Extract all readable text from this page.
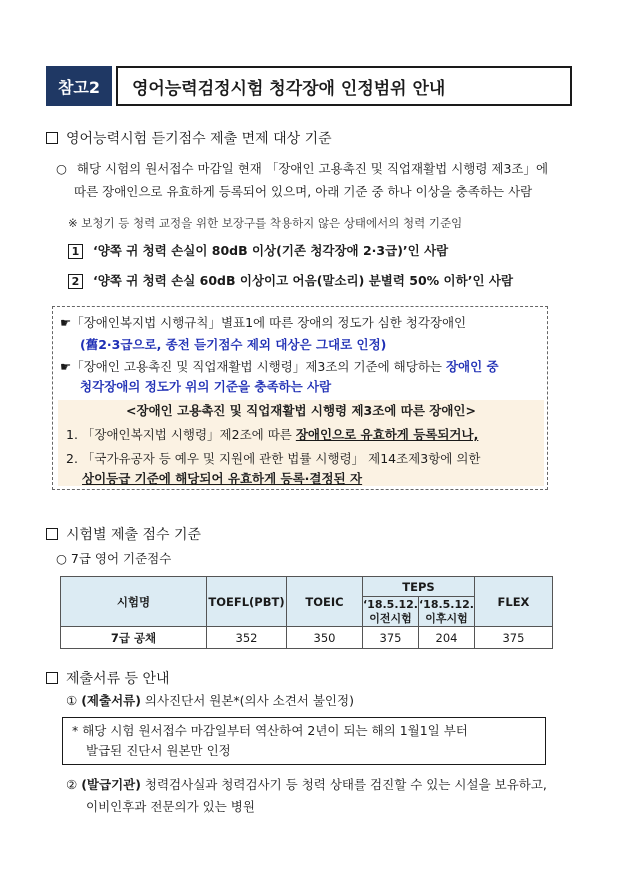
참고2	영어능력검정시험 청각장애 인정범위 안내
영어능력시험 듣기점수 제출 면제 대상 기준
○ 해당 시험의 원서접수 마감일 현재 「장애인 고용촉진 및 직업재활법 시행령 제3조」에
따른 장애인으로 유효하게 등록되어 있으며, 아래 기준 중 하나 이상을 충족하는 사람
※ 보청기 등 청력 교정을 위한 보장구를 착용하지 않은 상태에서의 청력 기준임
1 ‘양쪽 귀 청력 손실이 80dB 이상(기존 청각장애 2·3급)’인 사람
2 ‘양쪽 귀 청력 손실 60dB 이상이고 어음(말소리) 분별력 50% 이하’인 사람
☛「장애인복지법 시행규칙」별표1에 따른 장애의 정도가 심한 청각장애인
(舊2·3급으로, 종전 듣기점수 제외 대상은 그대로 인정)
☛「장애인 고용촉진 및 직업재활법 시행령」제3조의 기준에 해당하는 장애인 중
청각장애의 정도가 위의 기준을 충족하는 사람
<장애인 고용촉진 및 직업재활법 시행령 제3조에 따른 장애인>
1. 「장애인복지법 시행령」제2조에 따른 장애인으로 유효하게 등록되거나,
2. 「국가유공자 등 예우 및 지원에 관한 법률 시행령」 제14조제3항에 의한
상이등급 기준에 해당되어 유효하게 등록·결정된 자
시험별 제출 점수 기준
○ 7급 영어 기준점수
시험명	TOEFL(PBT)	TOEIC	TEPS		FLEX
			‘18.5.12. 이전시험	‘18.5.12. 이후시험	
7급 공채	352	350	375	204	375
제출서류 등 안내
① (제출서류) 의사진단서 원본*(의사 소견서 불인정)
* 해당 시험 원서접수 마감일부터 역산하여 2년이 되는 해의 1월1일 부터
발급된 진단서 원본만 인정
② (발급기관) 청력검사실과 청력검사기 등 청력 상태를 검진할 수 있는 시설을 보유하고,
이비인후과 전문의가 있는 병원
